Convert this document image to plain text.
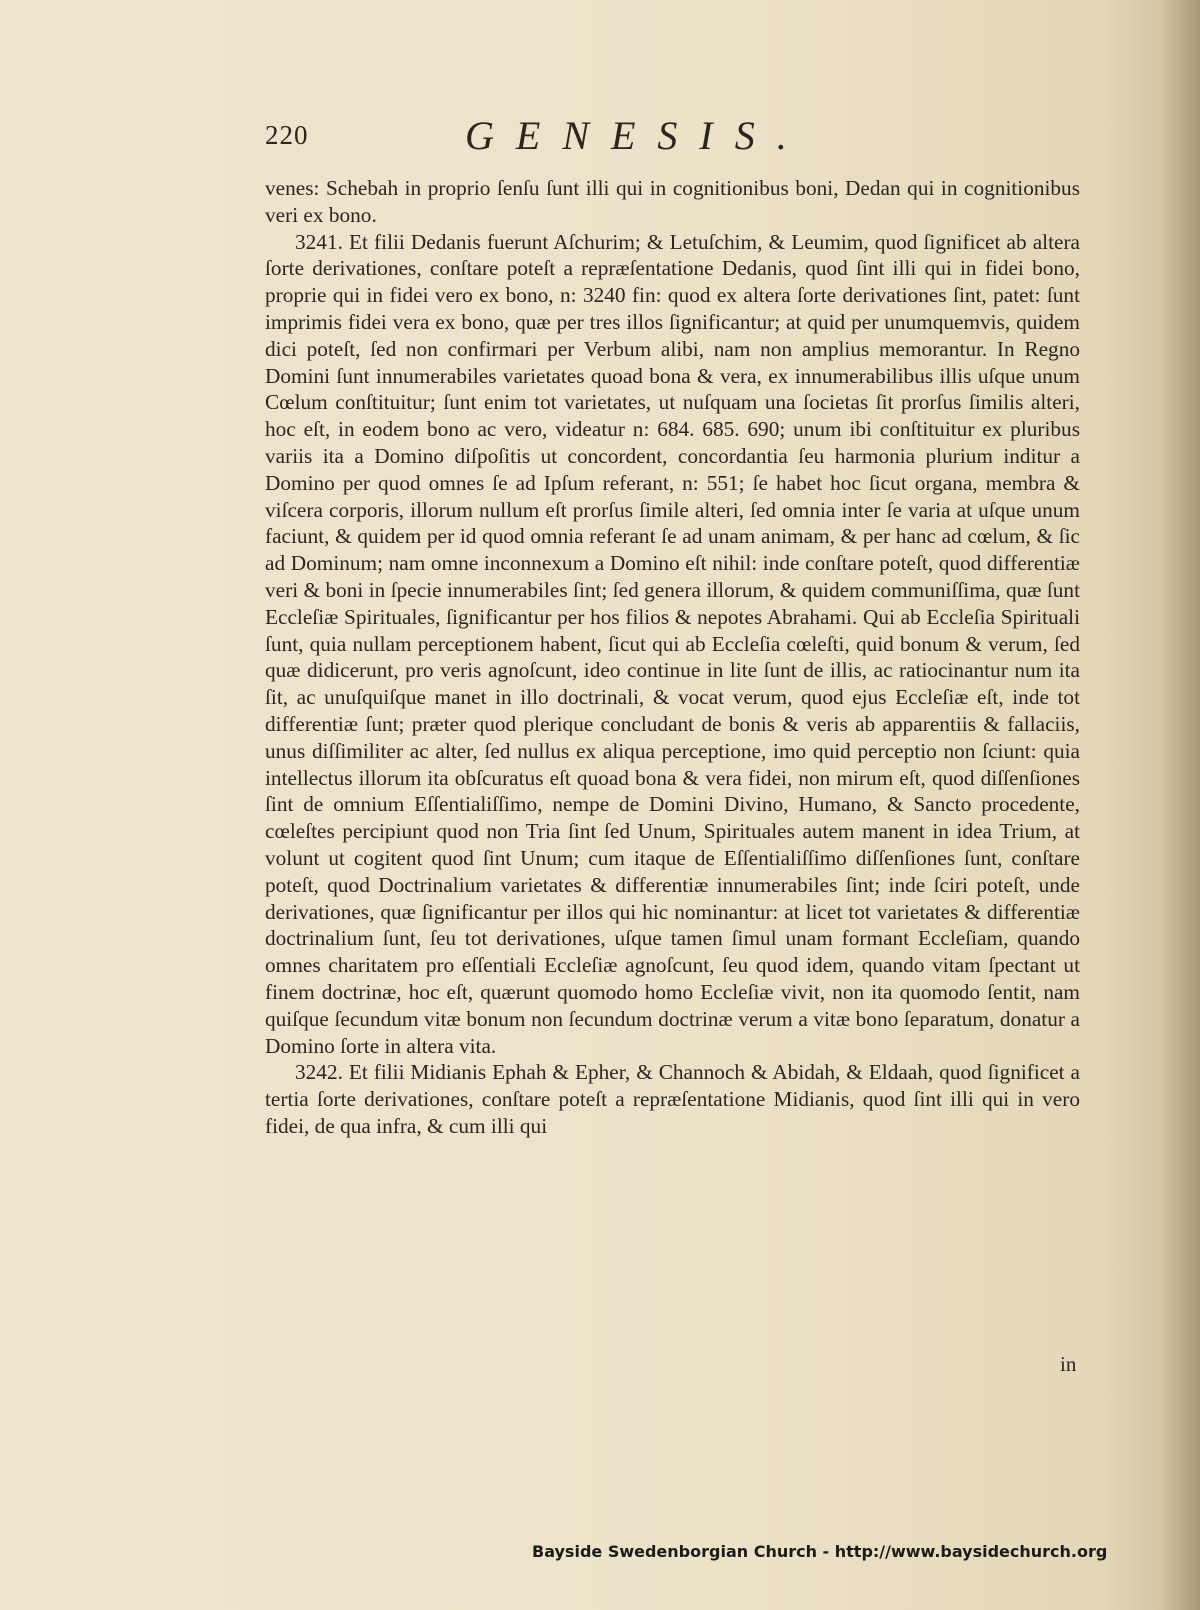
220	GENESIS.

venes: Schebah in proprio ſenſu ſunt illi qui in cognitionibus boni, Dedan qui in cognitionibus veri ex bono.

3241. Et filii Dedanis fuerunt Aſchurim; & Letuſchim, & Leumim, quod ſignificet ab altera ſorte derivationes, conſtare poteſt a repræſentatione Dedanis, quod ſint illi qui in fidei bono, proprie qui in fidei vero ex bono, n: 3240 fin: quod ex altera ſorte derivationes ſint, patet: ſunt imprimis fidei vera ex bono, quæ per tres illos ſignificantur; at quid per unumquemvis, quidem dici poteſt, ſed non confirmari per Verbum alibi, nam non amplius memorantur. In Regno Domini ſunt innumerabiles varietates quoad bona & vera, ex innumerabilibus illis uſque unum Cœlum conſtituitur; ſunt enim tot varietates, ut nuſquam una ſocietas ſit prorſus ſimilis alteri, hoc eſt, in eodem bono ac vero, videatur n: 684. 685. 690; unum ibi conſtituitur ex pluribus variis ita a Domino diſpoſitis ut concordent, concordantia ſeu harmonia plurium inditur a Domino per quod omnes ſe ad Ipſum referant, n: 551; ſe habet hoc ſicut organa, membra & viſcera corporis, illorum nullum eſt prorſus ſimile alteri, ſed omnia inter ſe varia at uſque unum faciunt, & quidem per id quod omnia referant ſe ad unam animam, & per hanc ad cœlum, & ſic ad Dominum; nam omne inconnexum a Domino eſt nihil: inde conſtare poteſt, quod differentiæ veri & boni in ſpecie innumerabiles ſint; ſed genera illorum, & quidem communiſſima, quæ ſunt Eccleſiæ Spirituales, ſignificantur per hos filios & nepotes Abrahami. Qui ab Eccleſia Spirituali ſunt, quia nullam perceptionem habent, ſicut qui ab Eccleſia cœleſti, quid bonum & verum, ſed quæ didicerunt, pro veris agnoſcunt, ideo continue in lite ſunt de illis, ac ratiocinantur num ita ſit, ac unuſquiſque manet in illo doctrinali, & vocat verum, quod ejus Eccleſiæ eſt, inde tot differentiæ ſunt; præter quod plerique concludant de bonis & veris ab apparentiis & fallaciis, unus diſſimiliter ac alter, ſed nullus ex aliqua perceptione, imo quid perceptio non ſciunt: quia intellectus illorum ita obſcuratus eſt quoad bona & vera fidei, non mirum eſt, quod diſſenſiones ſint de omnium Eſſentialiſſimo, nempe de Domini Divino, Humano, & Sancto procedente, cœleſtes percipiunt quod non Tria ſint ſed Unum, Spirituales autem manent in idea Trium, at volunt ut cogitent quod ſint Unum; cum itaque de Eſſentialiſſimo diſſenſiones ſunt, conſtare poteſt, quod Doctrinalium varietates & differentiæ innumerabiles ſint; inde ſciri poteſt, unde derivationes, quæ ſignificantur per illos qui hic nominantur: at licet tot varietates & differentiæ doctrinalium ſunt, ſeu tot derivationes, uſque tamen ſimul unam formant Eccleſiam, quando omnes charitatem pro eſſentiali Eccleſiæ agnoſcunt, ſeu quod idem, quando vitam ſpectant ut finem doctrinæ, hoc eſt, quærunt quomodo homo Eccleſiæ vivit, non ita quomodo ſentit, nam quiſque ſecundum vitæ bonum non ſecundum doctrinæ verum a vitæ bono ſeparatum, donatur a Domino ſorte in altera vita.

3242. Et filii Midianis Ephah & Epher, & Channoch & Abidah, & Eldaah, quod ſignificet a tertia ſorte derivationes, conſtare poteſt a repræſentatione Midianis, quod ſint illi qui in vero fidei, de qua infra, & cum illi qui

in
Bayside Swedenborgian Church - http://www.baysidechurch.org
